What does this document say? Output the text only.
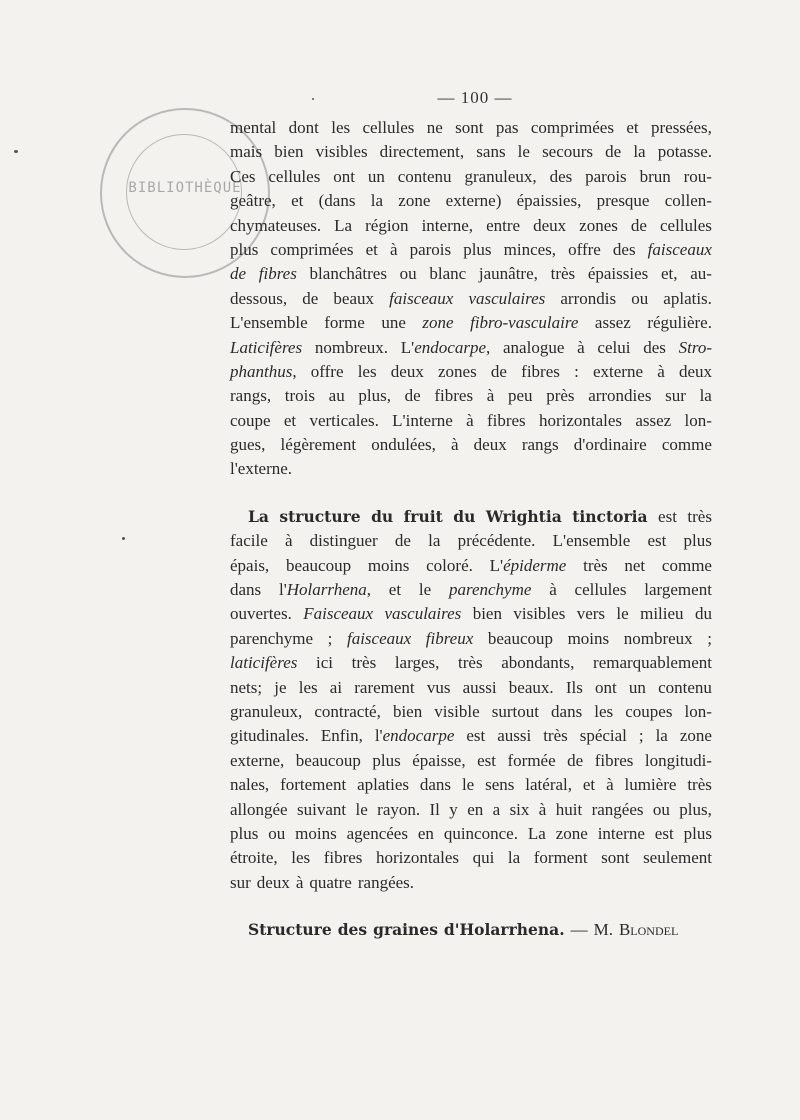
BIBLIOTHÈQUE
— 100 —
mental dont les cellules ne sont pas comprimées et pressées,
mais bien visibles directement, sans le secours de la potasse.
Ces cellules ont un contenu granuleux, des parois brun rou-
geâtre, et (dans la zone externe) épaissies, presque collen-
chymateuses. La région interne, entre deux zones de cellules
plus comprimées et à parois plus minces, offre des faisceaux
de fibres blanchâtres ou blanc jaunâtre, très épaissies et, au-
dessous, de beaux faisceaux vasculaires arrondis ou aplatis.
L'ensemble forme une zone fibro-vasculaire assez régulière.
Laticifères nombreux. L'endocarpe, analogue à celui des Stro-
phanthus, offre les deux zones de fibres : externe à deux
rangs, trois au plus, de fibres à peu près arrondies sur la
coupe et verticales. L'interne à fibres horizontales assez lon-
gues, légèrement ondulées, à deux rangs d'ordinaire comme
l'externe.
La structure du fruit du Wrightia tinctoria est très
facile à distinguer de la précédente. L'ensemble est plus
épais, beaucoup moins coloré. L'épiderme très net comme
dans l'Holarrhena, et le parenchyme à cellules largement
ouvertes. Faisceaux vasculaires bien visibles vers le milieu du
parenchyme ; faisceaux fibreux beaucoup moins nombreux ;
laticifères ici très larges, très abondants, remarquablement
nets; je les ai rarement vus aussi beaux. Ils ont un contenu
granuleux, contracté, bien visible surtout dans les coupes lon-
gitudinales. Enfin, l'endocarpe est aussi très spécial ; la zone
externe, beaucoup plus épaisse, est formée de fibres longitudi-
nales, fortement aplaties dans le sens latéral, et à lumière très
allongée suivant le rayon. Il y en a six à huit rangées ou plus,
plus ou moins agencées en quinconce. La zone interne est plus
étroite, les fibres horizontales qui la forment sont seulement
sur deux à quatre rangées.
Structure des graines d'Holarrhena. — M. Blondel
